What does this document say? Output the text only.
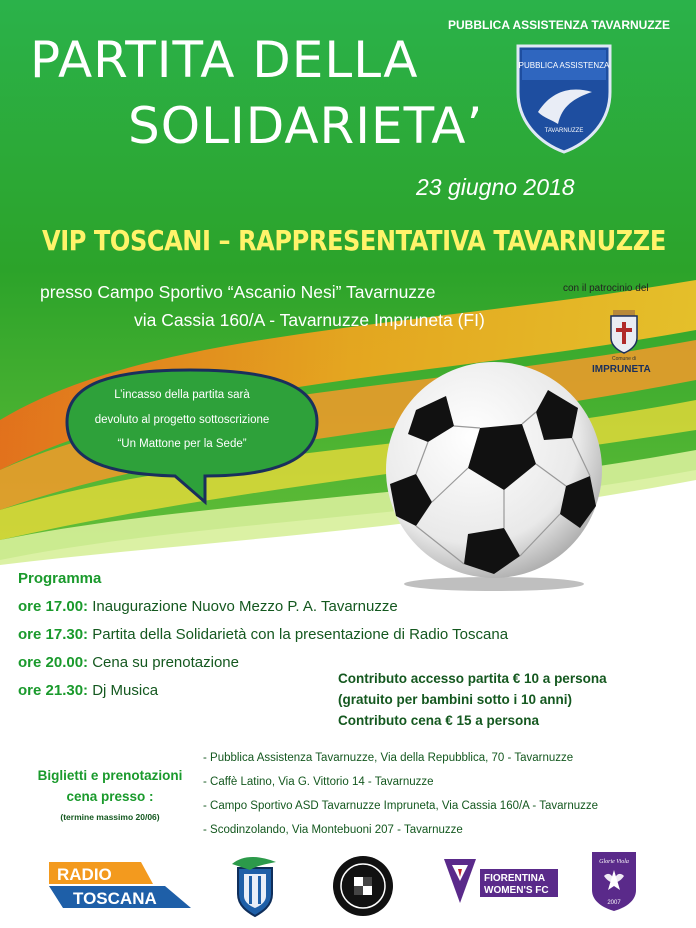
PARTITA DELLA
SOLIDARIETA’
PUBBLICA ASSISTENZA TAVARNUZZE
PUBBLICA ASSISTENZA
TAVARNUZZE
23 giugno 2018
VIP TOSCANI – RAPPRESENTATIVA TAVARNUZZE
presso Campo Sportivo “Ascanio Nesi” Tavarnuzze
via Cassia 160/A - Tavarnuzze Impruneta (FI)
con il patrocinio del
Comune di
IMPRUNETA
L’incasso della partita sarà
devoluto al progetto sottoscrizione
“Un Mattone per la Sede”
Programma
ore 17.00: Inaugurazione Nuovo Mezzo P. A. Tavarnuzze
ore 17.30: Partita della Solidarietà con la presentazione di Radio Toscana
ore 20.00: Cena su prenotazione
ore 21.30: Dj Musica
Contributo accesso partita € 10 a persona
(gratuito per bambini sotto i 10 anni)
Contributo cena € 15 a persona
Biglietti e prenotazioni
cena presso :
(termine massimo 20/06)
- Pubblica Assistenza Tavarnuzze, Via della Repubblica, 70 - Tavarnuzze
- Caffè Latino, Via G. Vittorio 14 - Tavarnuzze
- Campo Sportivo ASD Tavarnuzze Impruneta, Via Cassia 160/A - Tavarnuzze
- Scodinzolando, Via Montebuoni 207 - Tavarnuzze
RADIO
TOSCANA
FIORENTINA
WOMEN'S FC
Glorie Viola
2007
